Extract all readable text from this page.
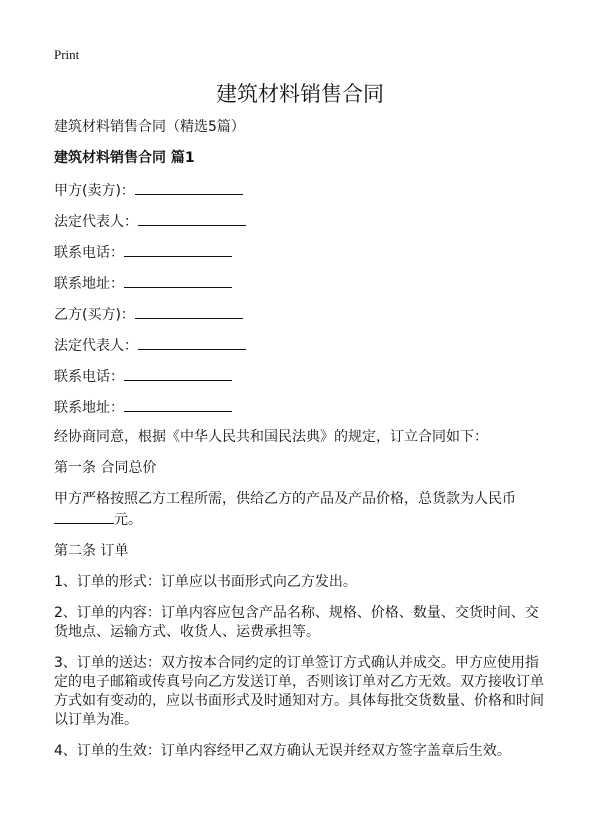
Print
建筑材料销售合同

建筑材料销售合同（精选5篇）

建筑材料销售合同 篇1

甲方(卖方)：

法定代表人：

联系电话：

联系地址：

乙方(买方)：

法定代表人：

联系电话：

联系地址：

经协商同意，根据《中华人民共和国民法典》的规定，订立合同如下：

第一条 合同总价

甲方严格按照乙方工程所需，供给乙方的产品及产品价格，总货款为人民币
元。

第二条 订单

1、订单的形式：订单应以书面形式向乙方发出。

2、订单的内容：订单内容应包含产品名称、规格、价格、数量、交货时间、交货地点、运输方式、收货人、运费承担等。

3、订单的送达：双方按本合同约定的订单签订方式确认并成交。甲方应使用指定的电子邮箱或传真号向乙方发送订单，否则该订单对乙方无效。双方接收订单方式如有变动的，应以书面形式及时通知对方。具体每批交货数量、价格和时间以订单为准。

4、订单的生效：订单内容经甲乙双方确认无误并经双方签字盖章后生效。
